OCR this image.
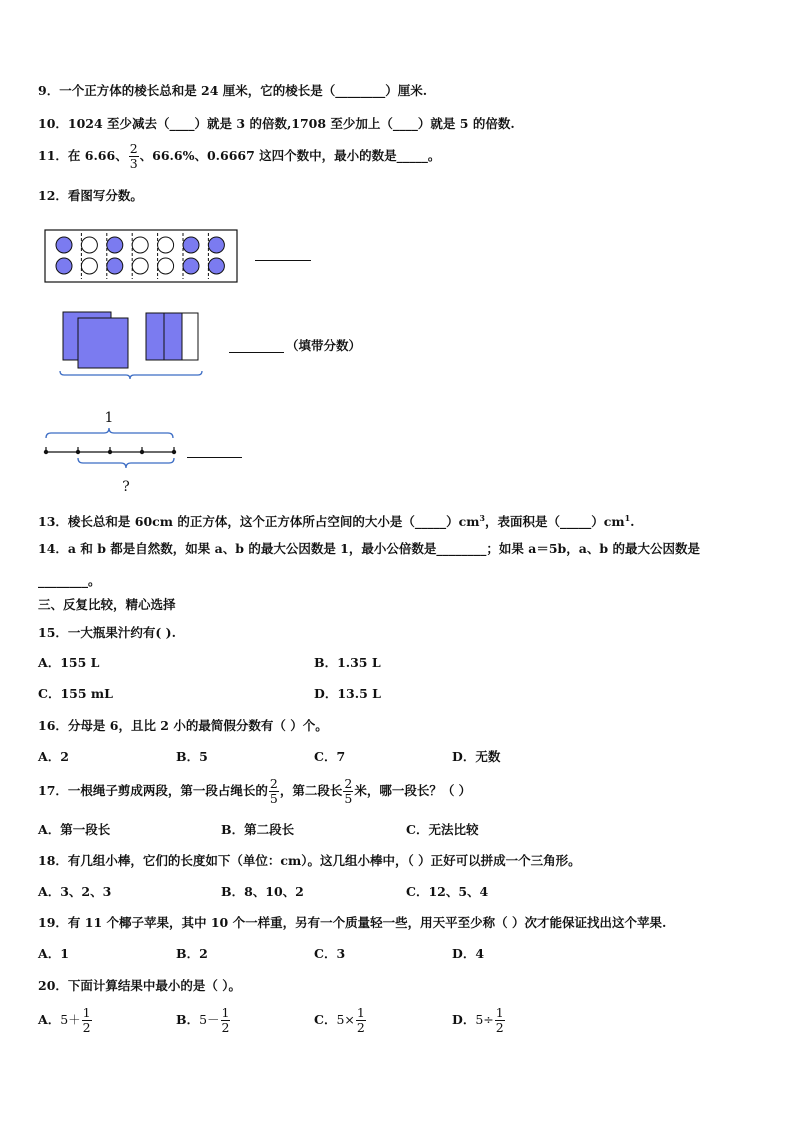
9．一个正方体的棱长总和是 24 厘米，它的棱长是（________）厘米.
10．1024 至少减去（____）就是 3 的倍数,1708 至少加上（____）就是 5 的倍数.
11．在 6.66、 $\frac{2}{3}$ 、66.6%、0.6667 这四个数中，最小的数是_____。
12．看图写分数。
（填带分数）
1
?
13．棱长总和是 60cm 的正方体，这个正方体所占空间的大小是$(\_\_\_\_\_)cm^3$，表面积是$(\_\_\_\_\_)cm^1$.
14．a 和 b 都是自然数，如果 a、b 的最大公因数是 1，最小公倍数是________；如果 a＝5b，a、b 的最大公因数是
________。
三、反复比较，精心选择
15．一大瓶果汁约有( ).
A．155 L	B．1.35 L
C．155 mL	D．13.5 L
16．分母是 6，且比 2 小的最简假分数有（ ）个。
A．2	B．5	C．7	D．无数
17．一根绳子剪成两段，第一段占绳长的 $\frac{2}{5}$ ，第二段长 $\frac{2}{5}$ 米，哪一段长？（ ）
A．第一段长	B．第二段长	C．无法比较
18．有几组小棒，它们的长度如下（单位：cm）。这几组小棒中，（ ）正好可以拼成一个三角形。
A．3、2、3	B．8、10、2	C．12、5、4
19．有 11 个椰子苹果，其中 10 个一样重，另有一个质量轻一些，用天平至少称（ ）次才能保证找出这个苹果.
A．1	B．2	C．3	D．4
20．下面计算结果中最小的是（ ）。
A．$5+ \frac{1}{2}$	B．$5- \frac{1}{2}$	C．$5\times \frac{1}{2}$	D．$5\div \frac{1}{2}$
